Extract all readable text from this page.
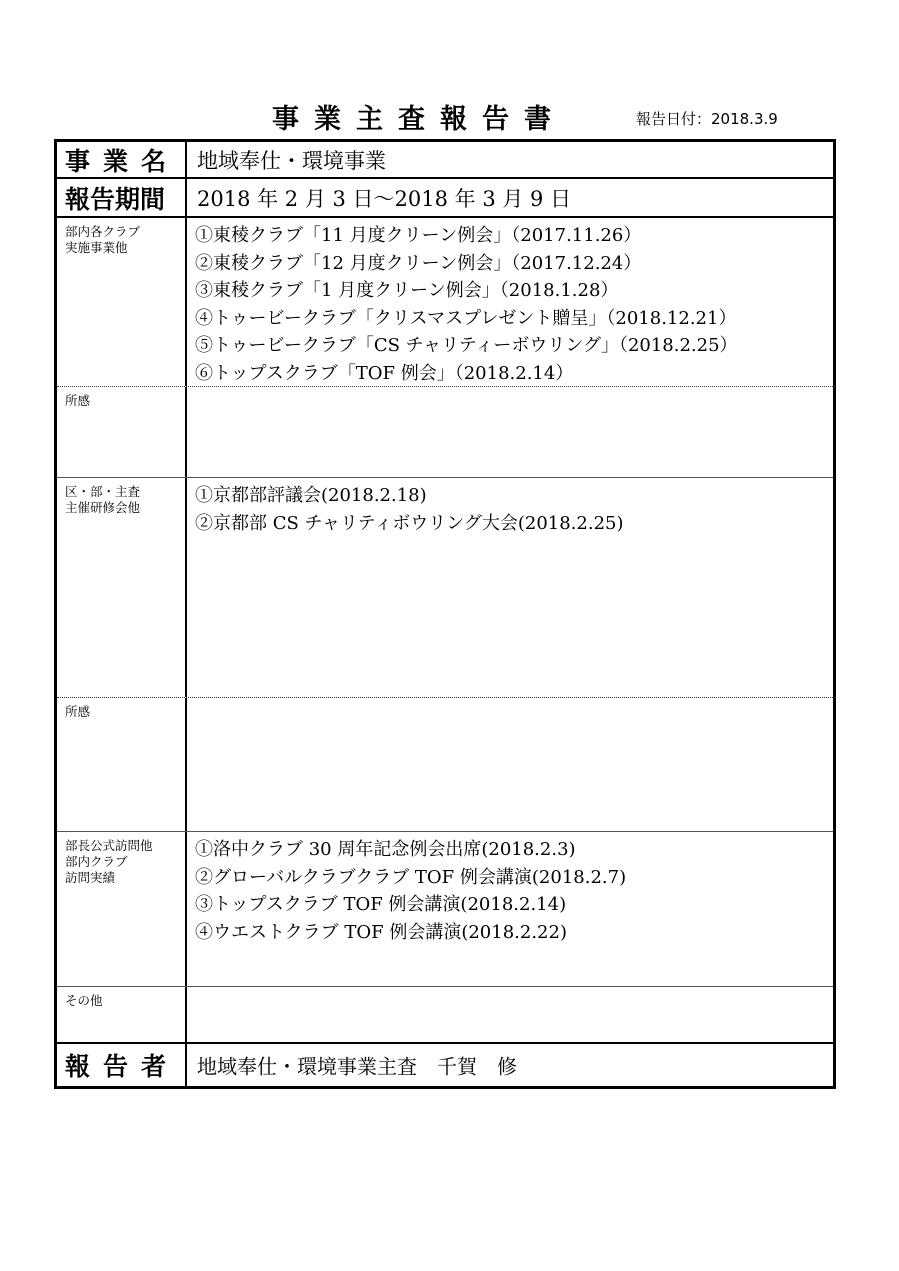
事業主査報告書	報告日付：2018.3.9
事業名 地域奉仕・環境事業
報告期間 2018 年 2 月 3 日〜2018 年 3 月 9 日
部内各クラブ
実施事業他
①東稜クラブ「11 月度クリーン例会」（2017.11.26）
②東稜クラブ「12 月度クリーン例会」（2017.12.24）
③東稜クラブ「1 月度クリーン例会」（2018.1.28）
④トゥービークラブ「クリスマスプレゼント贈呈」（2018.12.21）
⑤トゥービークラブ「CS チャリティーボウリング」（2018.2.25）
⑥トップスクラブ「TOF 例会」（2018.2.14）
所感
区・部・主査
主催研修会他
①京都部評議会(2018.2.18)
②京都部 CS チャリティボウリング大会(2018.2.25)
所感
部長公式訪問他
部内クラブ
訪問実績
①洛中クラブ 30 周年記念例会出席(2018.2.3)
②グローバルクラブクラブ TOF 例会講演(2018.2.7)
③トップスクラブ TOF 例会講演(2018.2.14)
④ウエストクラブ TOF 例会講演(2018.2.22)
その他
報告者 地域奉仕・環境事業主査　千賀　修
